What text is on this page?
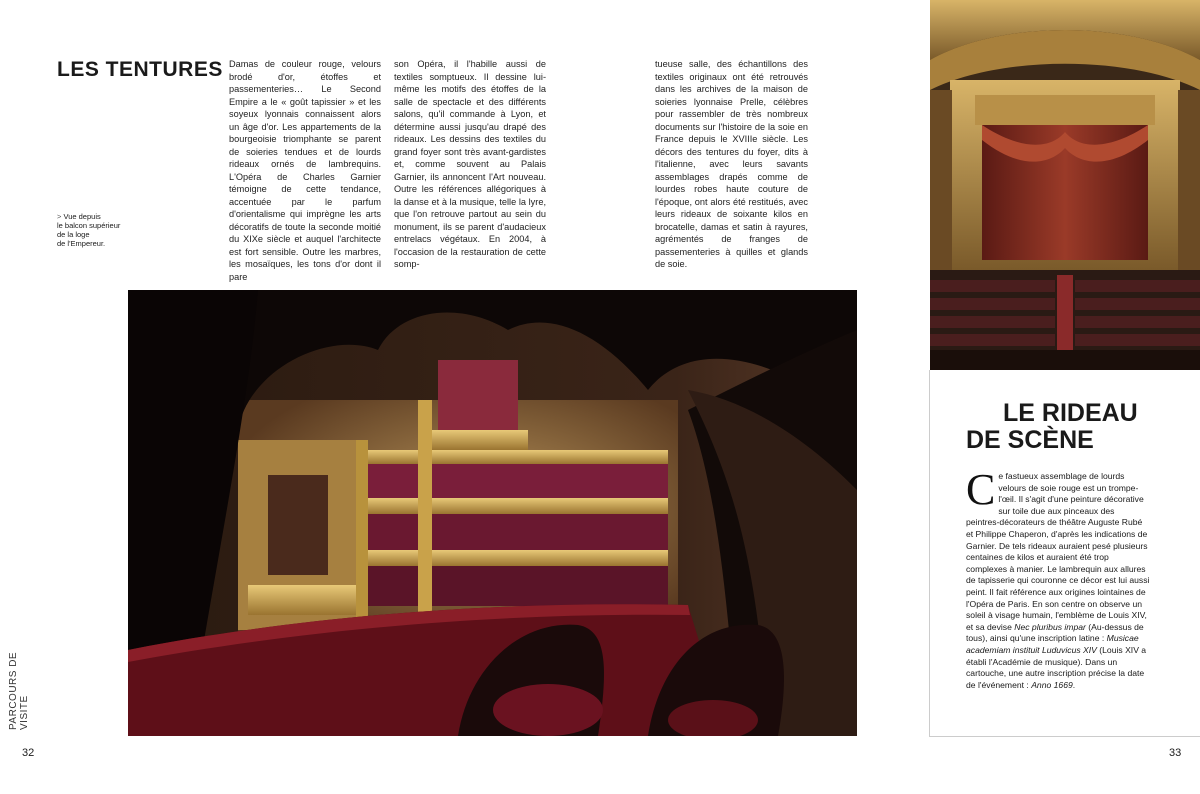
LES TENTURES
> Vue depuis
le balcon supérieur
de la loge
de l'Empereur.

Damas de couleur rouge, velours brodé d'or, étoffes et passementeries… Le Second Empire a le « goût tapissier » et les soyeux lyonnais connaissent alors un âge d'or. Les appartements de la bourgeoisie triomphante se parent de soieries tendues et de lourds rideaux ornés de lambrequins. L'Opéra de Charles Garnier témoigne de cette tendance, accentuée par le parfum d'orientalisme qui imprègne les arts décoratifs de toute la seconde moitié du XIXe siècle et auquel l'architecte est fort sensible. Outre les marbres, les mosaïques, les tons d'or dont il pare

son Opéra, il l'habille aussi de textiles somptueux. Il dessine lui-même les motifs des étoffes de la salle de spectacle et des différents salons, qu'il commande à Lyon, et détermine aussi jusqu'au drapé des rideaux. Les dessins des textiles du grand foyer sont très avant-gardistes et, comme souvent au Palais Garnier, ils annoncent l'Art nouveau. Outre les références allégoriques à la danse et à la musique, telle la lyre, que l'on retrouve partout au sein du monument, ils se parent d'audacieux entrelacs végétaux. En 2004, à l'occasion de la restauration de cette somp-

tueuse salle, des échantillons des textiles originaux ont été retrouvés dans les archives de la maison de soieries lyonnaise Prelle, célèbres pour rassembler de très nombreux documents sur l'histoire de la soie en France depuis le XVIIIe siècle. Les décors des tentures du foyer, dits à l'italienne, avec leurs savants assemblages drapés comme de lourdes robes haute couture de l'époque, ont alors été restitués, avec leurs rideaux de soixante kilos en brocatelle, damas et satin à rayures, agrémentés de franges de passementeries à quilles et glands de soie.

PARCOURS DE VISITE
32
LE RIDEAU
DE SCÈNE

Ce fastueux assemblage de lourds velours de soie rouge est un trompe-l'œil. Il s'agit d'une peinture décorative sur toile due aux pinceaux des peintres-décorateurs de théâtre Auguste Rubé et Philippe Chaperon, d'après les indications de Garnier. De tels rideaux auraient pesé plusieurs centaines de kilos et auraient été trop complexes à manier. Le lambrequin aux allures de tapisserie qui couronne ce décor est lui aussi peint. Il fait référence aux origines lointaines de l'Opéra de Paris. En son centre on observe un soleil à visage humain, l'emblème de Louis XIV, et sa devise Nec pluribus impar (Au-dessus de tous), ainsi qu'une inscription latine : Musicae academiam instituit Luduvicus XIV (Louis XIV a établi l'Académie de musique). Dans un cartouche, une autre inscription précise la date de l'événement : Anno 1669.

33
